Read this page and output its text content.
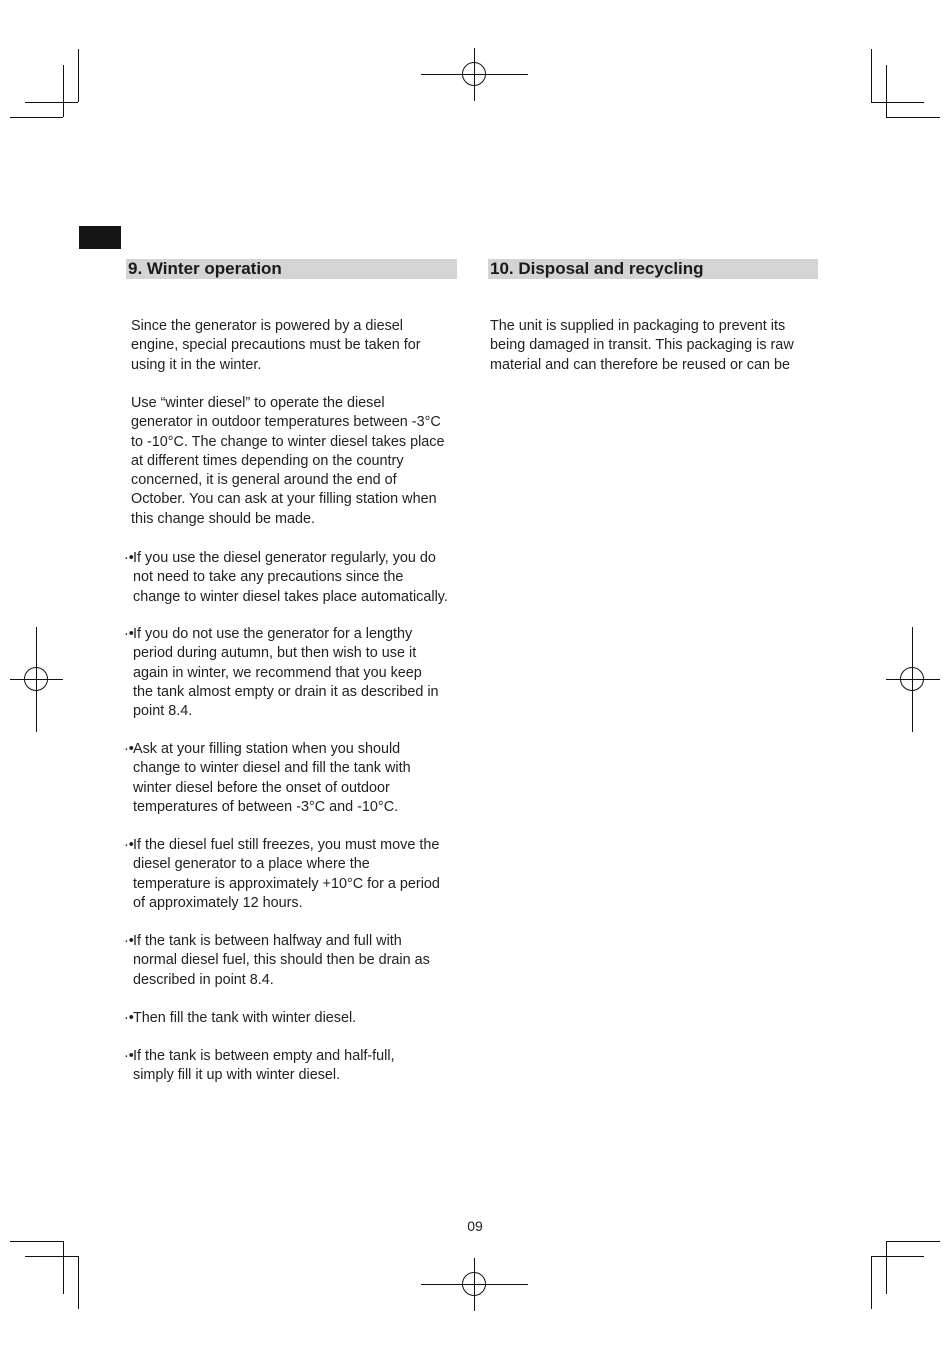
9. Winter operation

Since the generator is powered by a diesel
engine, special precautions must be taken for
using it in the winter.

Use “winter diesel” to operate the diesel
generator in outdoor temperatures between -3°C
to -10°C. The change to winter diesel takes place
at different times depending on the country
concerned, it is general around the end of
October. You can ask at your filling station when
this change should be made.

·• If you use the diesel generator regularly, you do
not need to take any precautions since the
change to winter diesel takes place automatically.
·• If you do not use the generator for a lengthy
period during autumn, but then wish to use it
again in winter, we recommend that you keep
the tank almost empty or drain it as described in
point 8.4.
·• Ask at your filling station when you should
change to winter diesel and fill the tank with
winter diesel before the onset of outdoor
temperatures of between -3°C and -10°C.
·• If the diesel fuel still freezes, you must move the
diesel generator to a place where the
temperature is approximately +10°C for a period
of approximately 12 hours.
·• If the tank is between halfway and full with
normal diesel fuel, this should then be drain as
described in point 8.4.
·• Then fill the tank with winter diesel.
·• If the tank is between empty and half-full,
simply fill it up with winter diesel.
10. Disposal and recycling

The unit is supplied in packaging to prevent its
being damaged in transit. This packaging is raw
material and can therefore be reused or can be

09
